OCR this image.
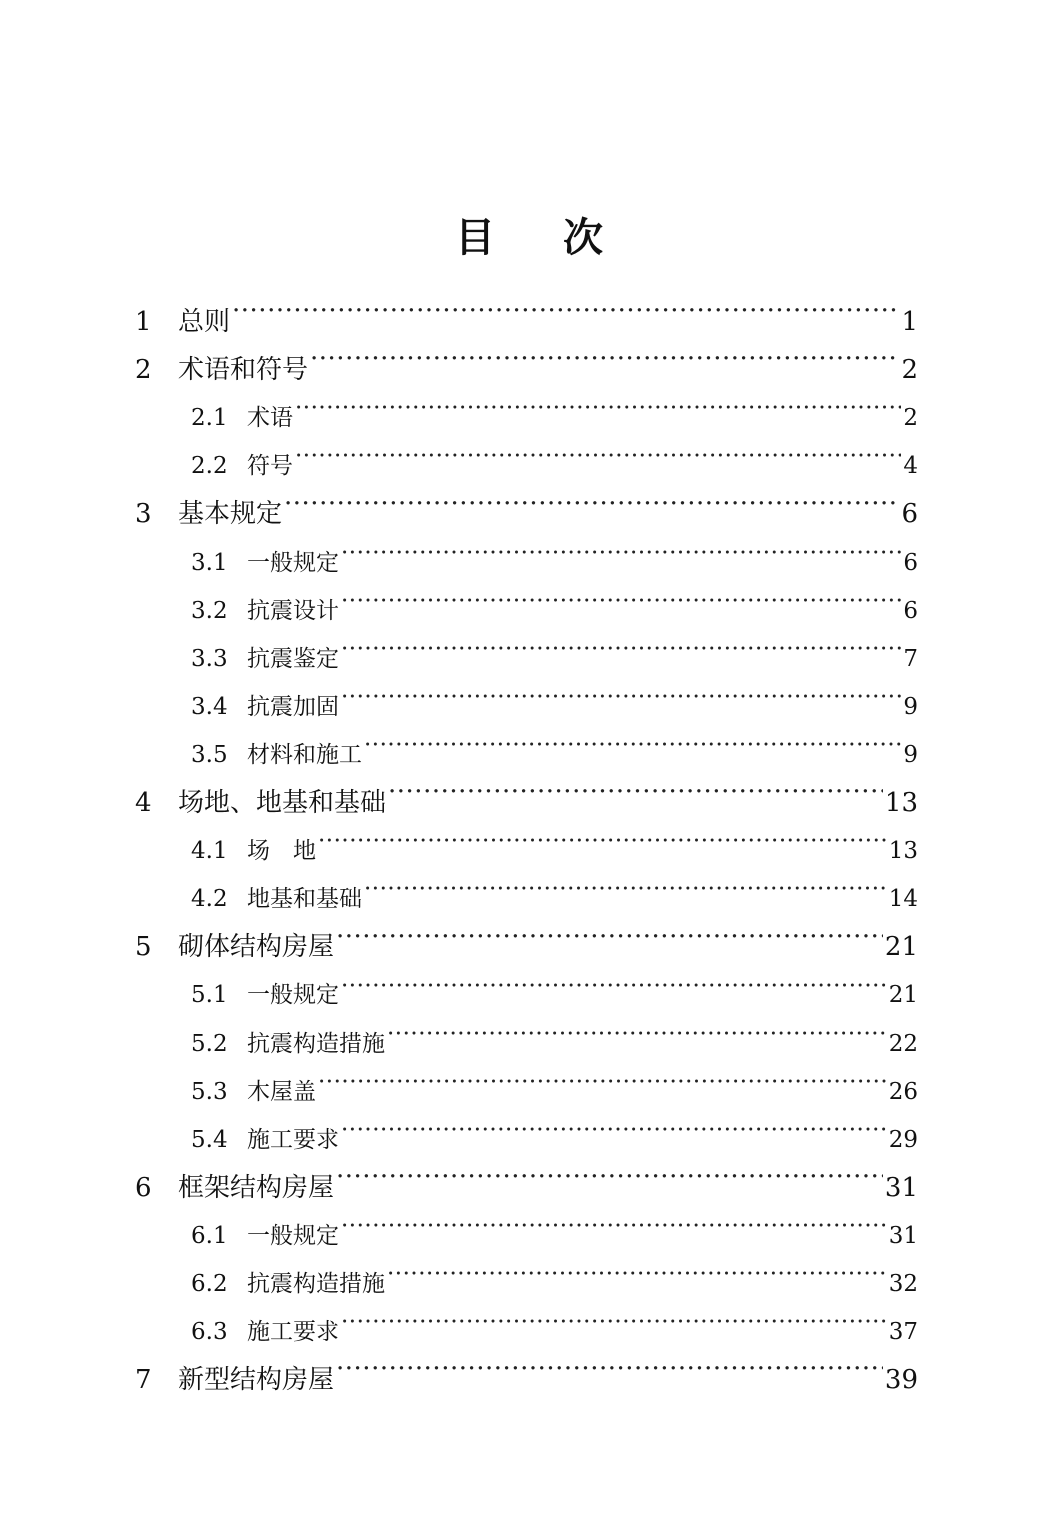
目 次
1	总则 ·····	1
2	术语和符号 ·····	2
2.1 术语 ·····	2
2.2 符号 ·····	4
3	基本规定 ·····	6
3.1 一般规定 ·····	6
3.2 抗震设计 ·····	6
3.3 抗震鉴定 ·····	7
3.4 抗震加固 ·····	9
3.5 材料和施工 ·····	9
4	场地、地基和基础 ·····	13
4.1 场　地 ·····	13
4.2 地基和基础 ·····	14
5	砌体结构房屋 ·····	21
5.1 一般规定 ·····	21
5.2 抗震构造措施 ·····	22
5.3 木屋盖 ·····	26
5.4 施工要求 ·····	29
6	框架结构房屋 ·····	31
6.1 一般规定 ·····	31
6.2 抗震构造措施 ·····	32
6.3 施工要求 ·····	37
7	新型结构房屋 ·····	39
